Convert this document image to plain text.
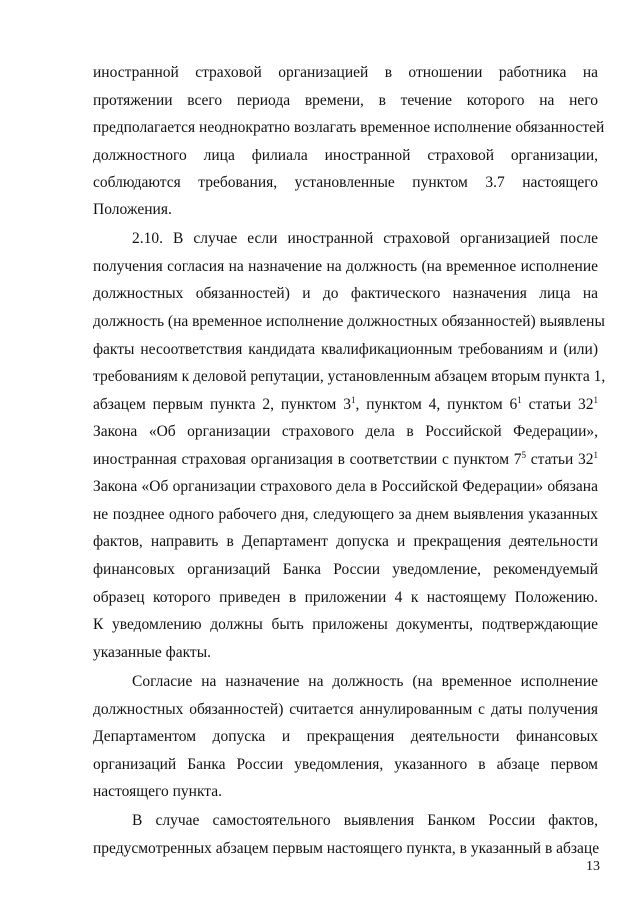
иностранной страховой организацией в отношении работника на
протяжении всего периода времени, в течение которого на него
предполагается неоднократно возлагать временное исполнение обязанностей
должностного лица филиала иностранной страховой организации,
соблюдаются требования, установленные пунктом 3.7 настоящего
Положения.
2.10. В случае если иностранной страховой организацией после
получения согласия на назначение на должность (на временное исполнение
должностных обязанностей) и до фактического назначения лица на
должность (на временное исполнение должностных обязанностей) выявлены
факты несоответствия кандидата квалификационным требованиям и (или)
требованиям к деловой репутации, установленным абзацем вторым пункта 1,
абзацем первым пункта 2, пунктом $3^1$, пунктом 4, пунктом $6^1$ статьи $32^1$
Закона «Об организации страхового дела в Российской Федерации»,
иностранная страховая организация в соответствии с пунктом $7^5$ статьи $32^1$
Закона «Об организации страхового дела в Российской Федерации» обязана
не позднее одного рабочего дня, следующего за днем выявления указанных
фактов, направить в Департамент допуска и прекращения деятельности
финансовых организаций Банка России уведомление, рекомендуемый
образец которого приведен в приложении 4 к настоящему Положению.
К уведомлению должны быть приложены документы, подтверждающие
указанные факты.
Согласие на назначение на должность (на временное исполнение
должностных обязанностей) считается аннулированным с даты получения
Департаментом допуска и прекращения деятельности финансовых
организаций Банка России уведомления, указанного в абзаце первом
настоящего пункта.
В случае самостоятельного выявления Банком России фактов,
предусмотренных абзацем первым настоящего пункта, в указанный в абзаце
13
